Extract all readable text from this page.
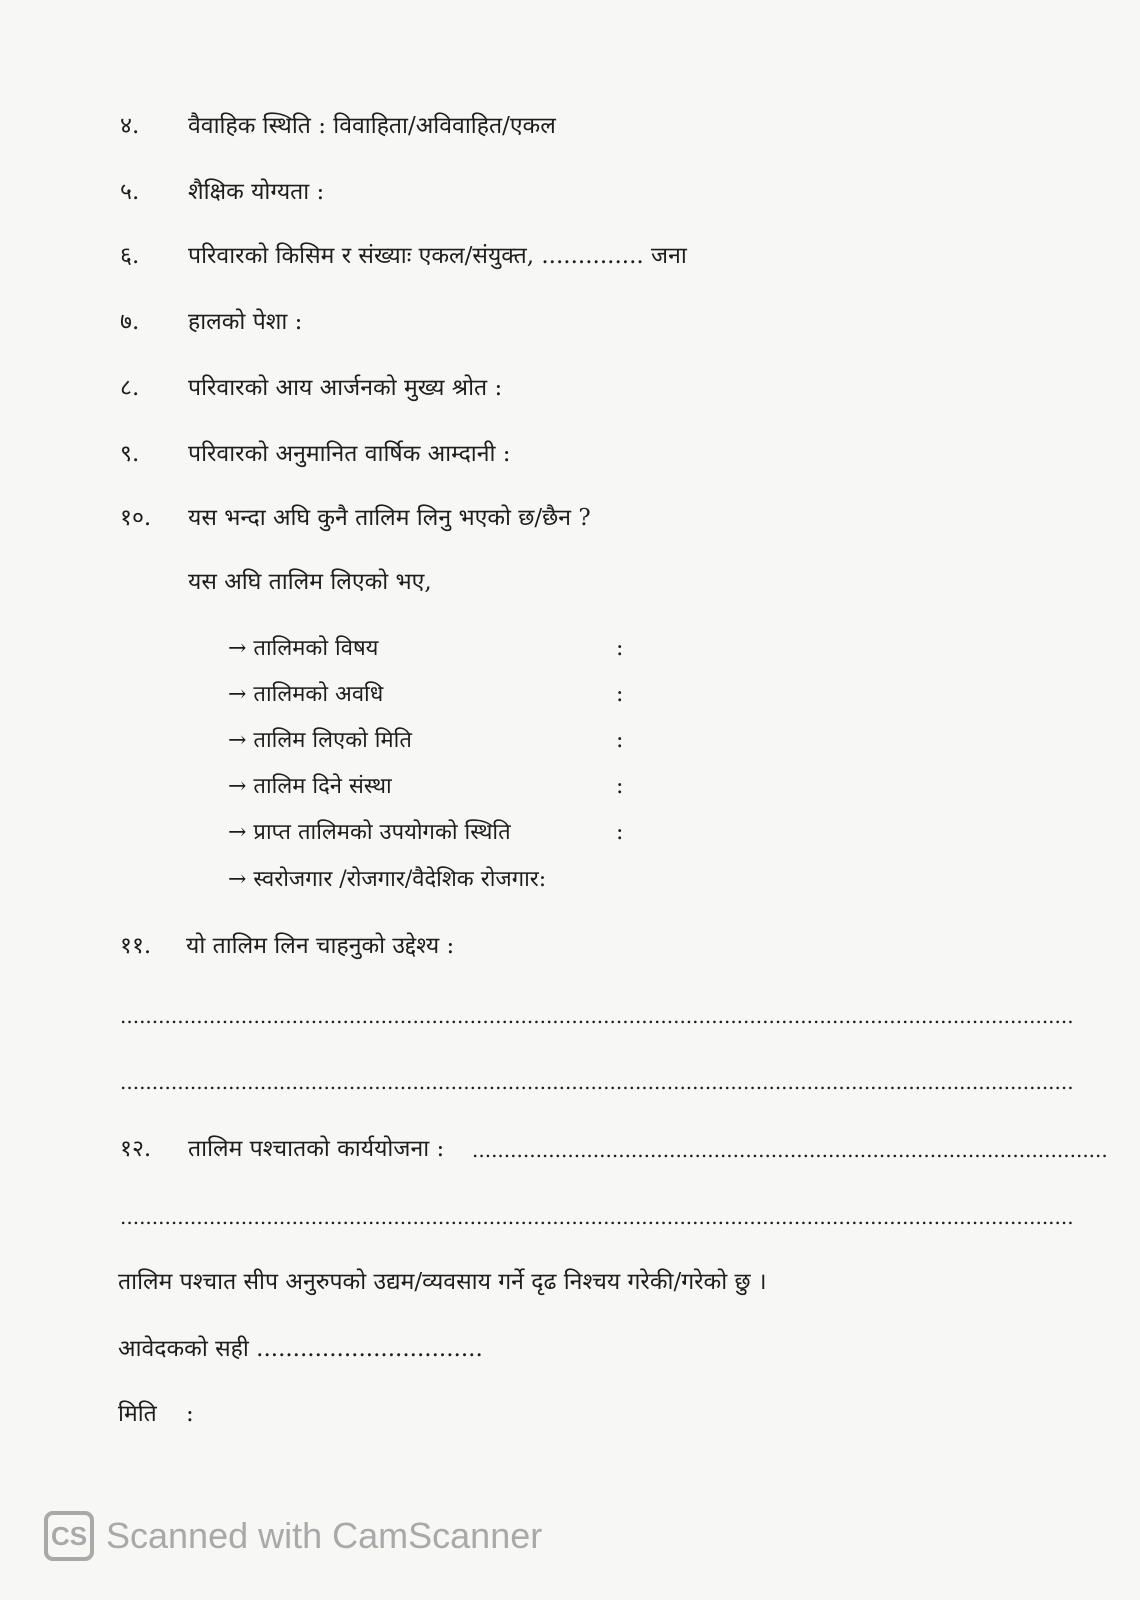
४. वैवाहिक स्थिति : विवाहिता/अविवाहित/एकल
५. शैक्षिक योग्यता :
६. परिवारको किसिम र संख्याः एकल/संयुक्त, .............. जना
७. हालको पेशा :
८. परिवारको आय आर्जनको मुख्य श्रोत :
९. परिवारको अनुमानित वार्षिक आम्दानी :
१०. यस भन्दा अघि कुनै तालिम लिनु भएको छ/छैन ?
यस अघि तालिम लिएको भए,
→ तालिमको विषय	:
→ तालिमको अवधि	:
→ तालिम लिएको मिति	:
→ तालिम दिने संस्था	:
→ प्राप्त तालिमको उपयोगको स्थिति	:
→ स्वरोजगार /रोजगार/वैदेशिक रोजगार:
११. यो तालिम लिन चाहनुको उद्देश्य :
......................................................................................................................................................
......................................................................................................................................................
१२. तालिम पश्चातको कार्ययोजना : ....................................................................................................
......................................................................................................................................................
तालिम पश्चात सीप अनुरुपको उद्यम/व्यवसाय गर्ने दृढ निश्चय गरेकी/गरेको छु ।
आवेदकको सही ...............................
मिति :
CS Scanned with CamScanner
